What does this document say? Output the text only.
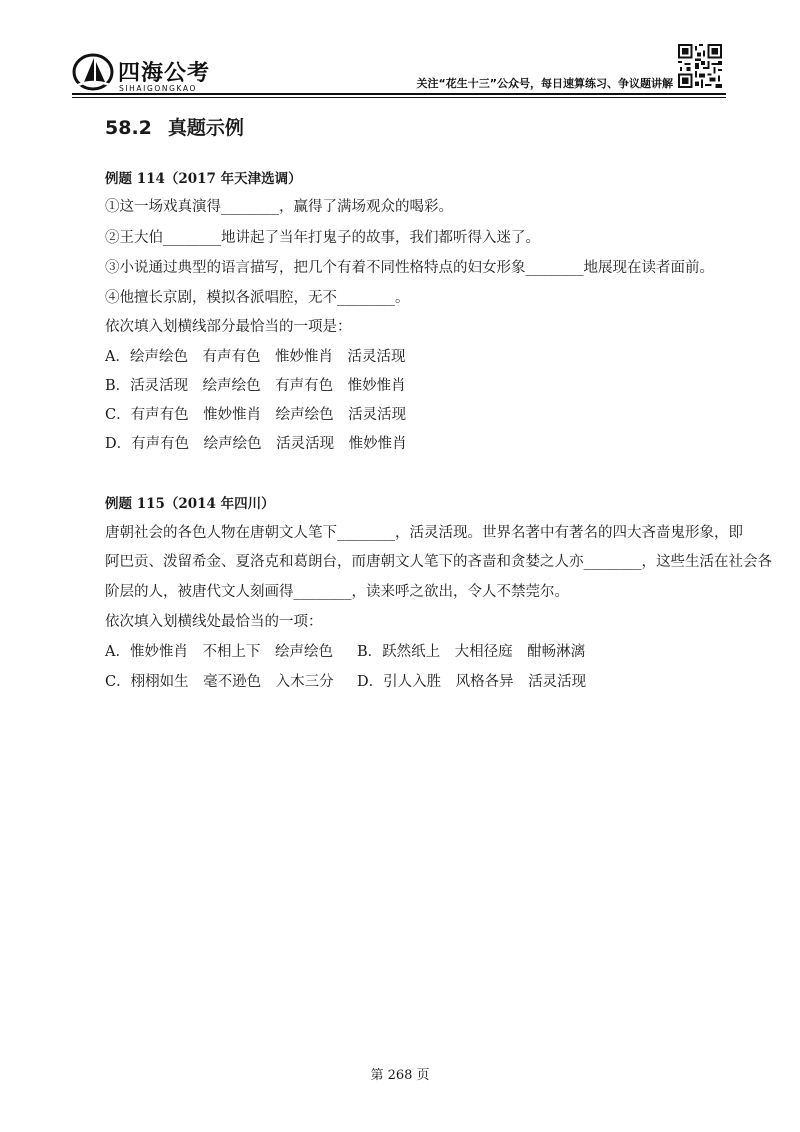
四海公考
SIHAIGONGKAO	关注“花生十三”公众号，每日速算练习、争议题讲解
58.2 真题示例
例题 114（2017 年天津选调）
①这一场戏真演得________，赢得了满场观众的喝彩。
②王大伯________地讲起了当年打鬼子的故事，我们都听得入迷了。
③小说通过典型的语言描写，把几个有着不同性格特点的妇女形象________地展现在读者面前。
④他擅长京剧，模拟各派唱腔，无不________。
依次填入划横线部分最恰当的一项是：
A．绘声绘色　有声有色　惟妙惟肖　活灵活现
B．活灵活现　绘声绘色　有声有色　惟妙惟肖
C．有声有色　惟妙惟肖　绘声绘色　活灵活现
D．有声有色　绘声绘色　活灵活现　惟妙惟肖
例题 115（2014 年四川）
唐朝社会的各色人物在唐朝文人笔下________，活灵活现。世界名著中有著名的四大吝啬鬼形象，即
阿巴贡、泼留希金、夏洛克和葛朗台，而唐朝文人笔下的吝啬和贪婪之人亦________，这些生活在社会各
阶层的人，被唐代文人刻画得________，读来呼之欲出，令人不禁莞尔。
依次填入划横线处最恰当的一项：
A．惟妙惟肖　不相上下　绘声绘色 B．跃然纸上　大相径庭　酣畅淋漓
C．栩栩如生　毫不逊色　入木三分 D．引人入胜　风格各异　活灵活现
第 268 页
